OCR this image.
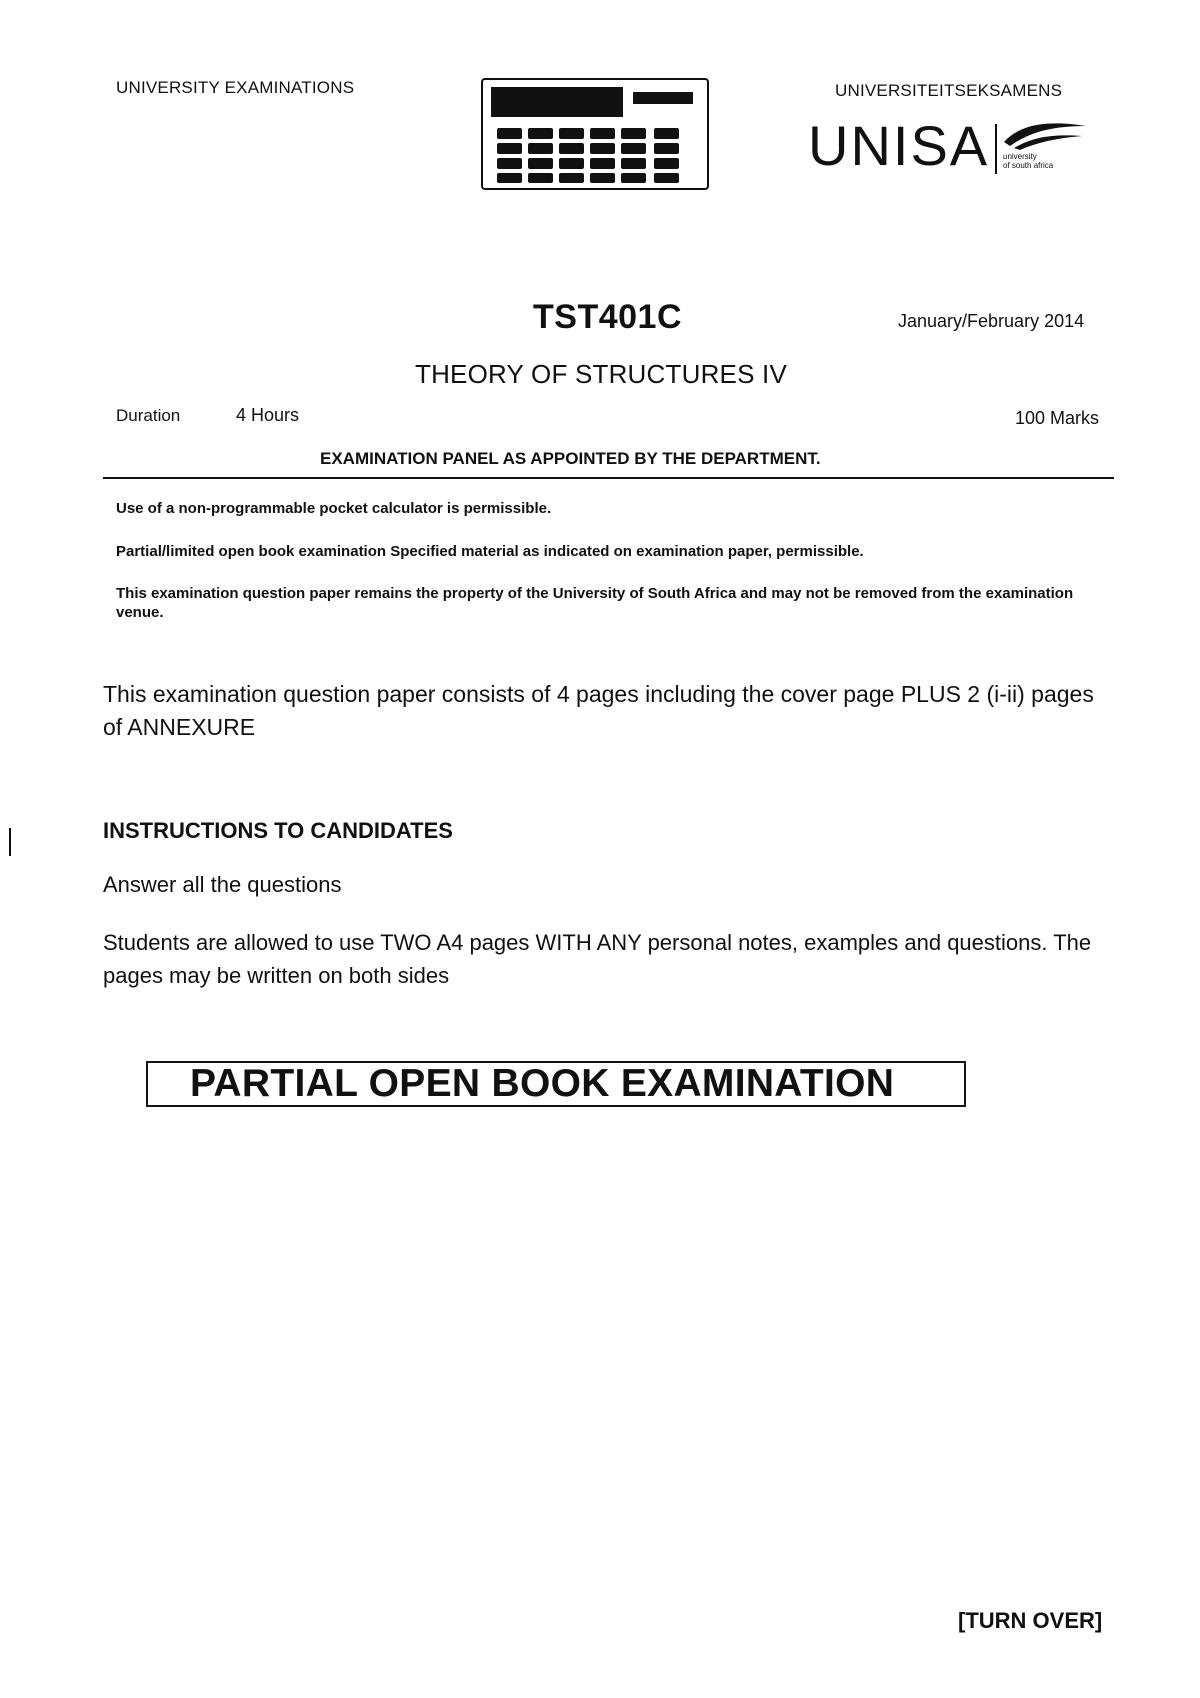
UNIVERSITY EXAMINATIONS	UNIVERSITEITSEKSAMENS
UNISA university
of south africa
TST401C	January/February 2014
THEORY OF STRUCTURES IV
Duration	4 Hours	100 Marks
EXAMINATION PANEL AS APPOINTED BY THE DEPARTMENT.
Use of a non-programmable pocket calculator is permissible.
Partial/limited open book examination Specified material as indicated on examination paper, permissible.
This examination question paper remains the property of the University of South Africa and may not be removed from the examination venue.
This examination question paper consists of 4 pages including the cover page PLUS 2 (i-ii) pages of ANNEXURE
INSTRUCTIONS TO CANDIDATES
Answer all the questions
Students are allowed to use TWO A4 pages WITH ANY personal notes, examples and questions. The pages may be written on both sides
PARTIAL OPEN BOOK EXAMINATION
[TURN OVER]
